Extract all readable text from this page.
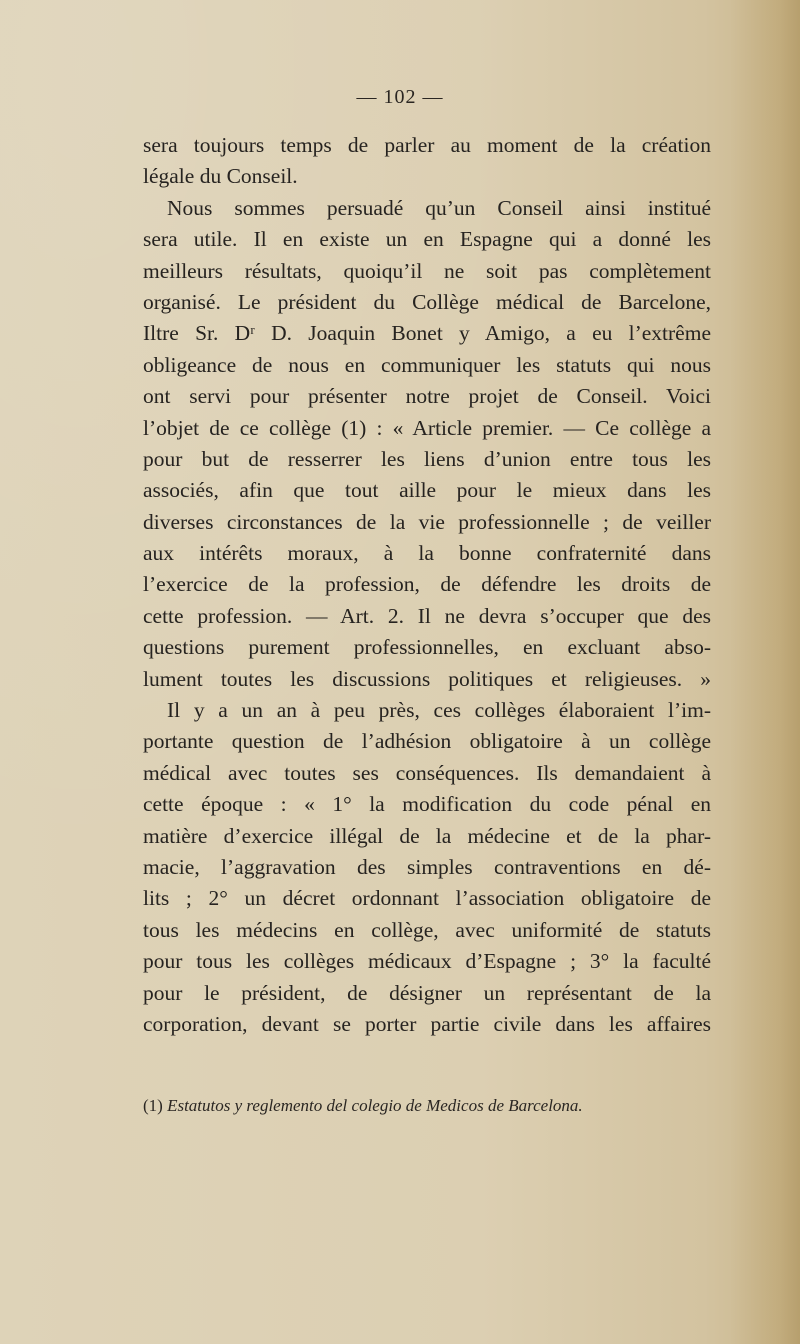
— 102 —
sera toujours temps de parler au moment de la création
légale du Conseil.
Nous sommes persuadé qu’un Conseil ainsi institué
sera utile. Il en existe un en Espagne qui a donné les
meilleurs résultats, quoiqu’il ne soit pas complètement
organisé. Le président du Collège médical de Barcelone,
Iltre Sr. Dʳ D. Joaquin Bonet y Amigo, a eu l’extrême
obligeance de nous en communiquer les statuts qui nous
ont servi pour présenter notre projet de Conseil. Voici
l’objet de ce collège (1) : « Article premier. — Ce collège a
pour but de resserrer les liens d’union entre tous les
associés, afin que tout aille pour le mieux dans les
diverses circonstances de la vie professionnelle ; de veiller
aux intérêts moraux, à la bonne confraternité dans
l’exercice de la profession, de défendre les droits de
cette profession. — Art. 2. Il ne devra s’occuper que des
questions purement professionnelles, en excluant abso-
lument toutes les discussions politiques et religieuses. »
Il y a un an à peu près, ces collèges élaboraient l’im-
portante question de l’adhésion obligatoire à un collège
médical avec toutes ses conséquences. Ils demandaient à
cette époque : « 1° la modification du code pénal en
matière d’exercice illégal de la médecine et de la phar-
macie, l’aggravation des simples contraventions en dé-
lits ; 2° un décret ordonnant l’association obligatoire de
tous les médecins en collège, avec uniformité de statuts
pour tous les collèges médicaux d’Espagne ; 3° la faculté
pour le président, de désigner un représentant de la
corporation, devant se porter partie civile dans les affaires
(1) Estatutos y reglemento del colegio de Medicos de Barcelona.
